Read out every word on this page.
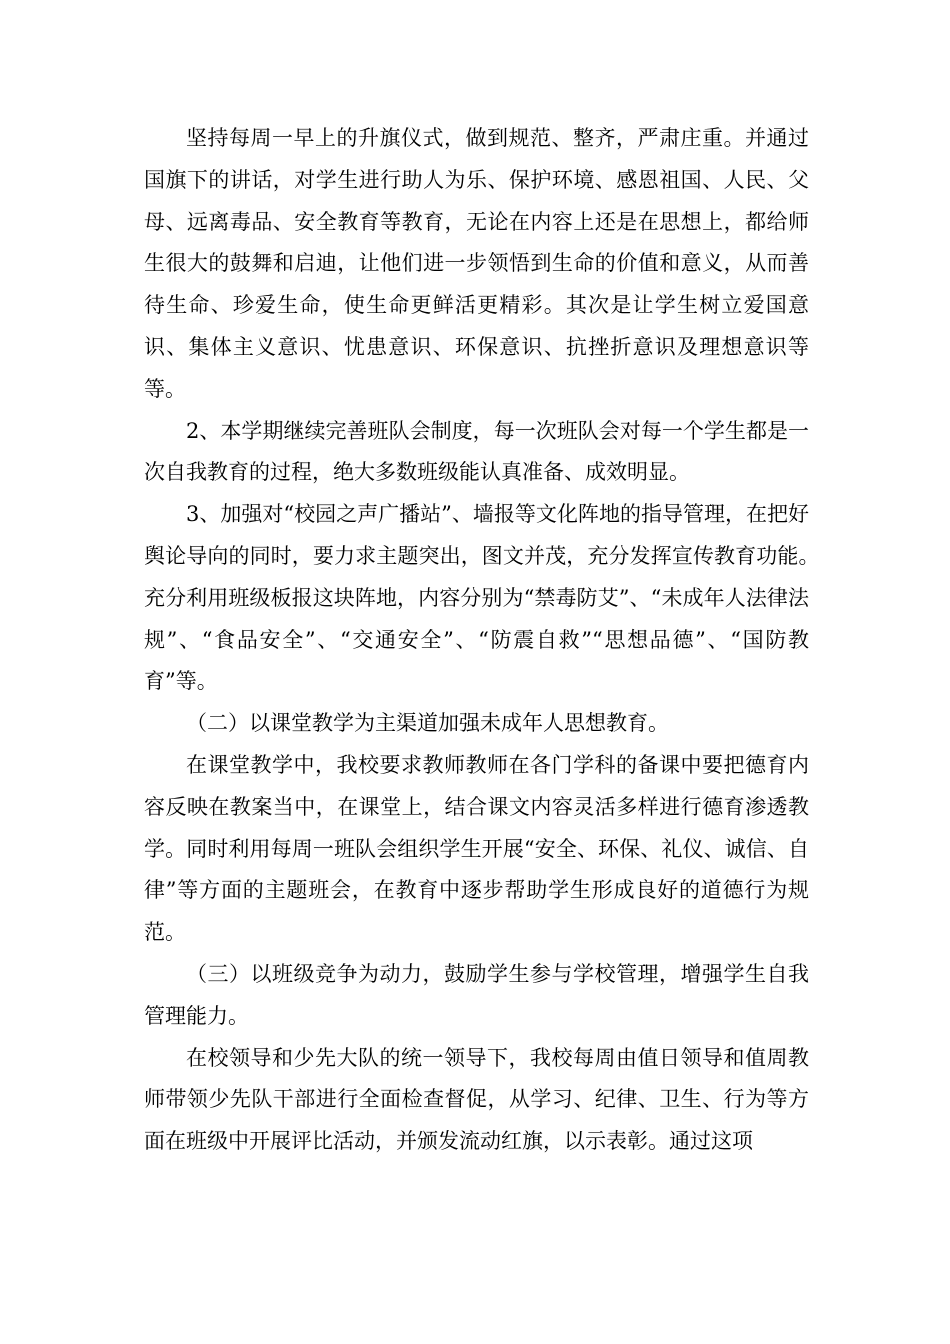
坚持每周一早上的升旗仪式，做到规范、整齐，严肃庄重。并通过国旗下的讲话，对学生进行助人为乐、保护环境、感恩祖国、人民、父母、远离毒品、安全教育等教育，无论在内容上还是在思想上，都给师生很大的鼓舞和启迪，让他们进一步领悟到生命的价值和意义，从而善待生命、珍爱生命，使生命更鲜活更精彩。其次是让学生树立爱国意识、集体主义意识、忧患意识、环保意识、抗挫折意识及理想意识等等。

2、本学期继续完善班队会制度，每一次班队会对每一个学生都是一次自我教育的过程，绝大多数班级能认真准备、成效明显。

3、加强对“校园之声广播站”、墙报等文化阵地的指导管理，在把好舆论导向的同时，要力求主题突出，图文并茂，充分发挥宣传教育功能。　充分利用班级板报这块阵地，内容分别为“禁毒防艾”、“未成年人法律法规”、“食品安全”、“交通安全”、“防震自救”“思想品德”、“国防教育”等。

（二）以课堂教学为主渠道加强未成年人思想教育。

在课堂教学中，我校要求教师教师在各门学科的备课中要把德育内容反映在教案当中，在课堂上，结合课文内容灵活多样进行德育渗透教学。同时利用每周一班队会组织学生开展“安全、环保、礼仪、诚信、自律”等方面的主题班会，在教育中逐步帮助学生形成良好的道德行为规范。

（三）以班级竞争为动力，鼓励学生参与学校管理，增强学生自我管理能力。

在校领导和少先大队的统一领导下，我校每周由值日领导和值周教师带领少先队干部进行全面检查督促，从学习、纪律、卫生、行为等方面在班级中开展评比活动，并颁发流动红旗，以示表彰。通过这项
